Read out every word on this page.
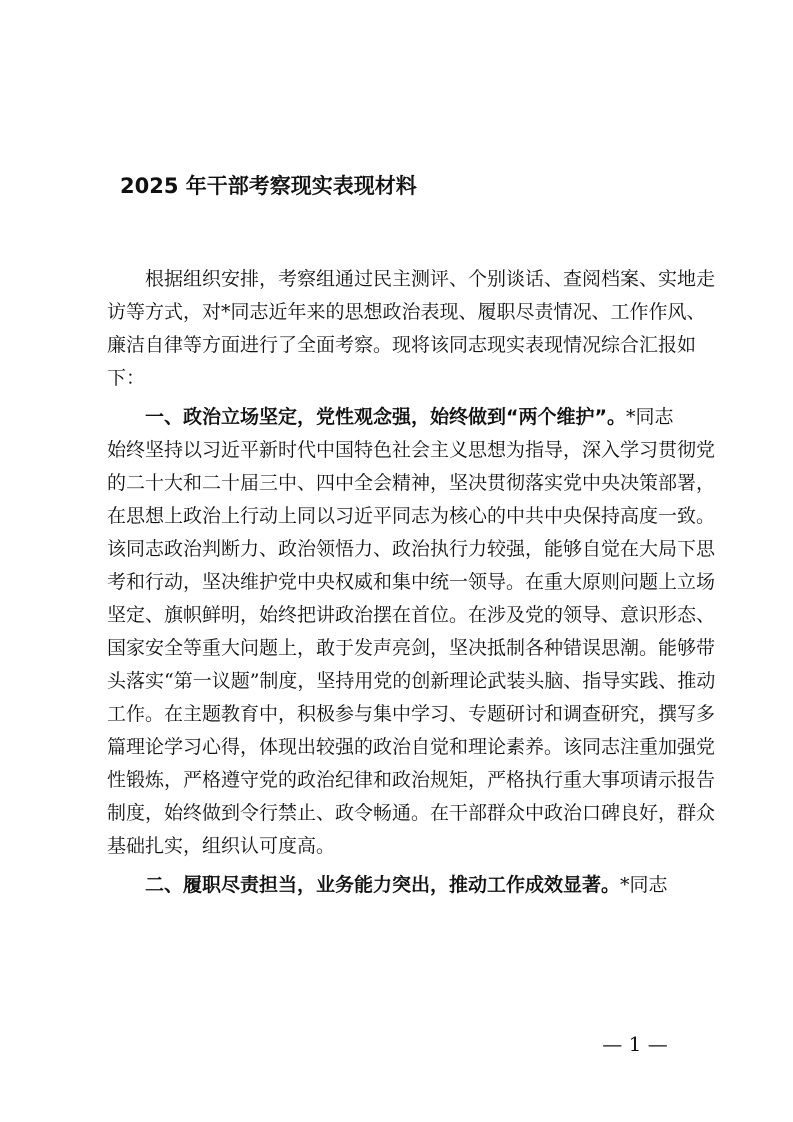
2025 年干部考察现实表现材料
　　根据组织安排，考察组通过民主测评、个别谈话、查阅档案、实地走
访等方式，对*同志近年来的思想政治表现、履职尽责情况、工作作风、
廉洁自律等方面进行了全面考察。现将该同志现实表现情况综合汇报如
下：
　　一、政治立场坚定，党性观念强，始终做到“两个维护”。*同志
始终坚持以习近平新时代中国特色社会主义思想为指导，深入学习贯彻党
的二十大和二十届三中、四中全会精神，坚决贯彻落实党中央决策部署，
在思想上政治上行动上同以习近平同志为核心的中共中央保持高度一致。
该同志政治判断力、政治领悟力、政治执行力较强，能够自觉在大局下思
考和行动，坚决维护党中央权威和集中统一领导。在重大原则问题上立场
坚定、旗帜鲜明，始终把讲政治摆在首位。在涉及党的领导、意识形态、
国家安全等重大问题上，敢于发声亮剑，坚决抵制各种错误思潮。能够带
头落实“第一议题”制度，坚持用党的创新理论武装头脑、指导实践、推动
工作。在主题教育中，积极参与集中学习、专题研讨和调查研究，撰写多
篇理论学习心得，体现出较强的政治自觉和理论素养。该同志注重加强党
性锻炼，严格遵守党的政治纪律和政治规矩，严格执行重大事项请示报告
制度，始终做到令行禁止、政令畅通。在干部群众中政治口碑良好，群众
基础扎实，组织认可度高。
　　二、履职尽责担当，业务能力突出，推动工作成效显著。*同志
— 1 —
